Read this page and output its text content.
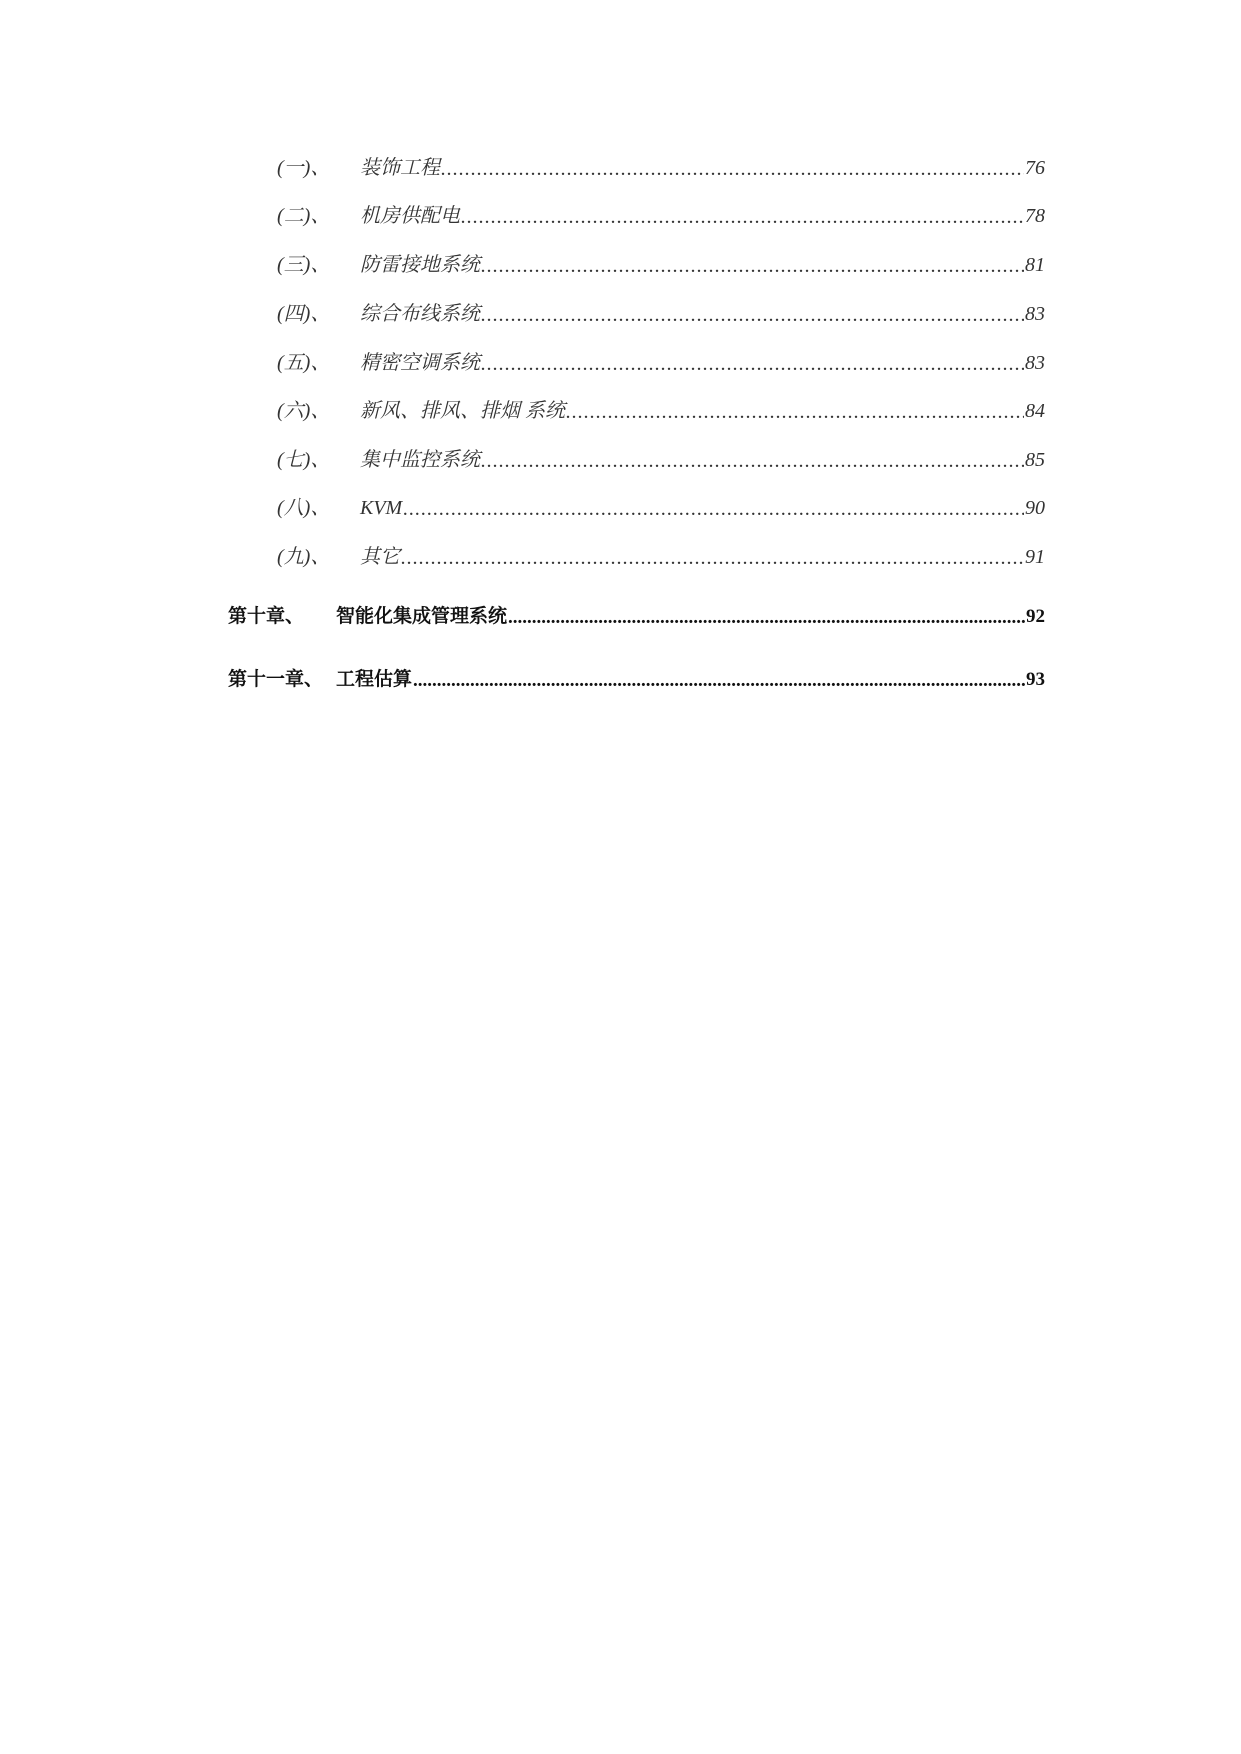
(一)、	装饰工程 .....	76
(二)、	机房供配电 .....	78
(三)、	防雷接地系统 .....	81
(四)、	综合布线系统 .....	83
(五)、	精密空调系统 .....	83
(六)、	新风、排风、排烟 系统 .....	84
(七)、	集中监控系统 .....	85
(八)、	KVM .....	90
(九)、	其它 .....	91
第十章、	智能化集成管理系统 .....	92
第十一章、 工程估算 .....	93
